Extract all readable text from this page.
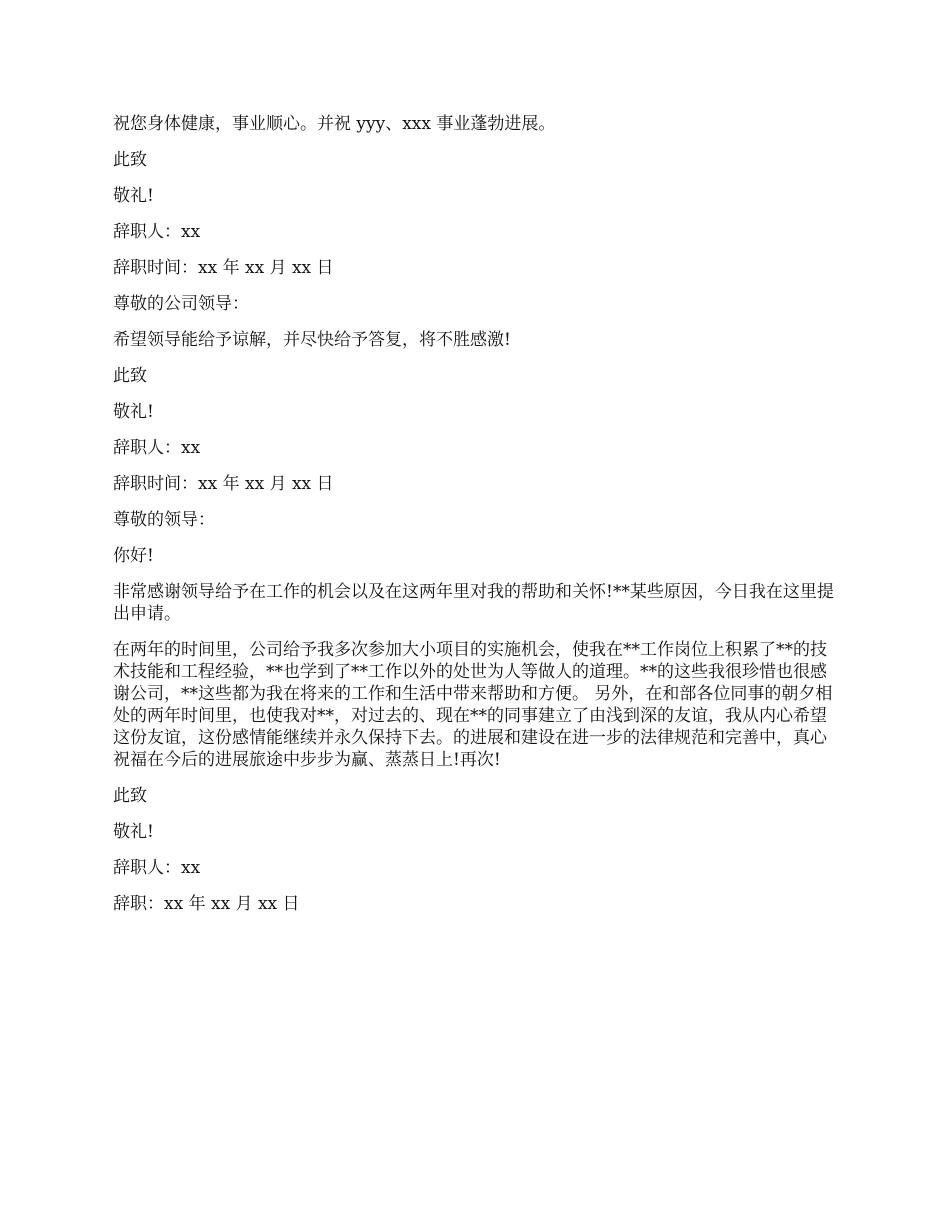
祝您身体健康，事业顺心。并祝 yyy、xxx 事业蓬勃进展。

此致

敬礼!

辞职人：xx

辞职时间：xx 年 xx 月 xx 日

尊敬的公司领导：

希望领导能给予谅解，并尽快给予答复，将不胜感激!

此致

敬礼!

辞职人：xx

辞职时间：xx 年 xx 月 xx 日

尊敬的领导：

你好!

非常感谢领导给予在工作的机会以及在这两年里对我的帮助和关怀!**某些原因，今日我在这里提出申请。

在两年的时间里，公司给予我多次参加大小项目的实施机会，使我在**工作岗位上积累了**的技术技能和工程经验，**也学到了**工作以外的处世为人等做人的道理。**的这些我很珍惜也很感谢公司，**这些都为我在将来的工作和生活中带来帮助和方便。 另外，在和部各位同事的朝夕相处的两年时间里，也使我对**，对过去的、现在**的同事建立了由浅到深的友谊，我从内心希望这份友谊，这份感情能继续并永久保持下去。的进展和建设在进一步的法律规范和完善中，真心祝福在今后的进展旅途中步步为赢、蒸蒸日上!再次!

此致

敬礼!

辞职人：xx

辞职：xx 年 xx 月 xx 日
